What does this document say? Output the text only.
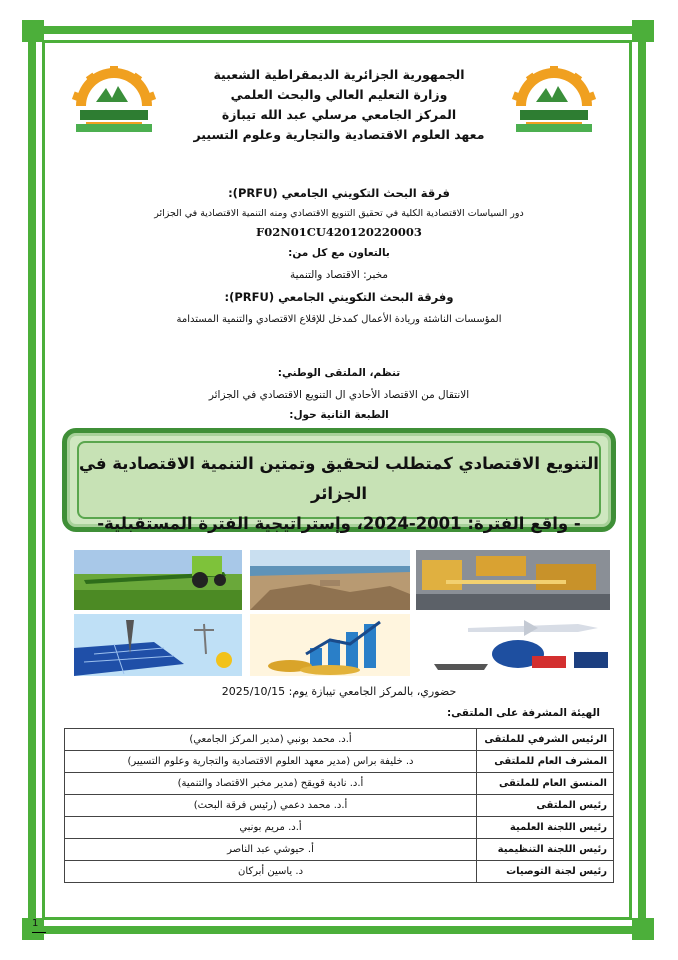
الجمهورية الجزائرية الديمقراطية الشعبية
وزارة التعليم العالي والبحث العلمي
المركز الجامعي مرسلي عبد الله تيبازة
معهد العلوم الاقتصادية والتجارية وعلوم التسيير
فرقة البحث التكويني الجامعي (PRFU):
دور السياسات الاقتصادية الكلية في تحقيق التنويع الاقتصادي ومنه التنمية الاقتصادية في الجزائر
F02N01CU420120220003
بالتعاون مع كل من:
مخبر: الاقتصاد والتنمية
وفرقة البحث التكويني الجامعي (PRFU):
المؤسسات الناشئة وريادة الأعمال كمدخل للإقلاع الاقتصادي والتنمية المستدامة
تنظم، الملتقى الوطني:
الانتقال من الاقتصاد الأحادي ال التنويع الاقتصادي في الجزائر
الطبعة الثانية حول:
التنويع الاقتصادي كمتطلب لتحقيق وتمتين التنمية الاقتصادية في الجزائر
- واقع الفترة: 2001-2024، وإستراتيجية الفترة المستقبلية-
حضوري، بالمركز الجامعي تيبازة يوم: 2025/10/15
الهيئة المشرفة على الملتقى:
الرئيس الشرفي للملتقى	أ.د. محمد بونبي (مدير المركز الجامعي)
المشرف العام للملتقى	د. خليفة براس (مدير معهد العلوم الاقتصادية والتجارية وعلوم التسيير)
المنسق العام للملتقى	أ.د. نادية قويقح (مدير مخبر الاقتصاد والتنمية)
رئيس الملتقى	أ.د. محمد دعمي (رئيس فرقة البحث)
رئيس اللجنة العلمية	أ.د. مريم بونبي
رئيس اللجنة التنظيمية	أ. حيوشي عبد الناصر
رئيس لجنة التوصيات	د. ياسين أبركان
1
